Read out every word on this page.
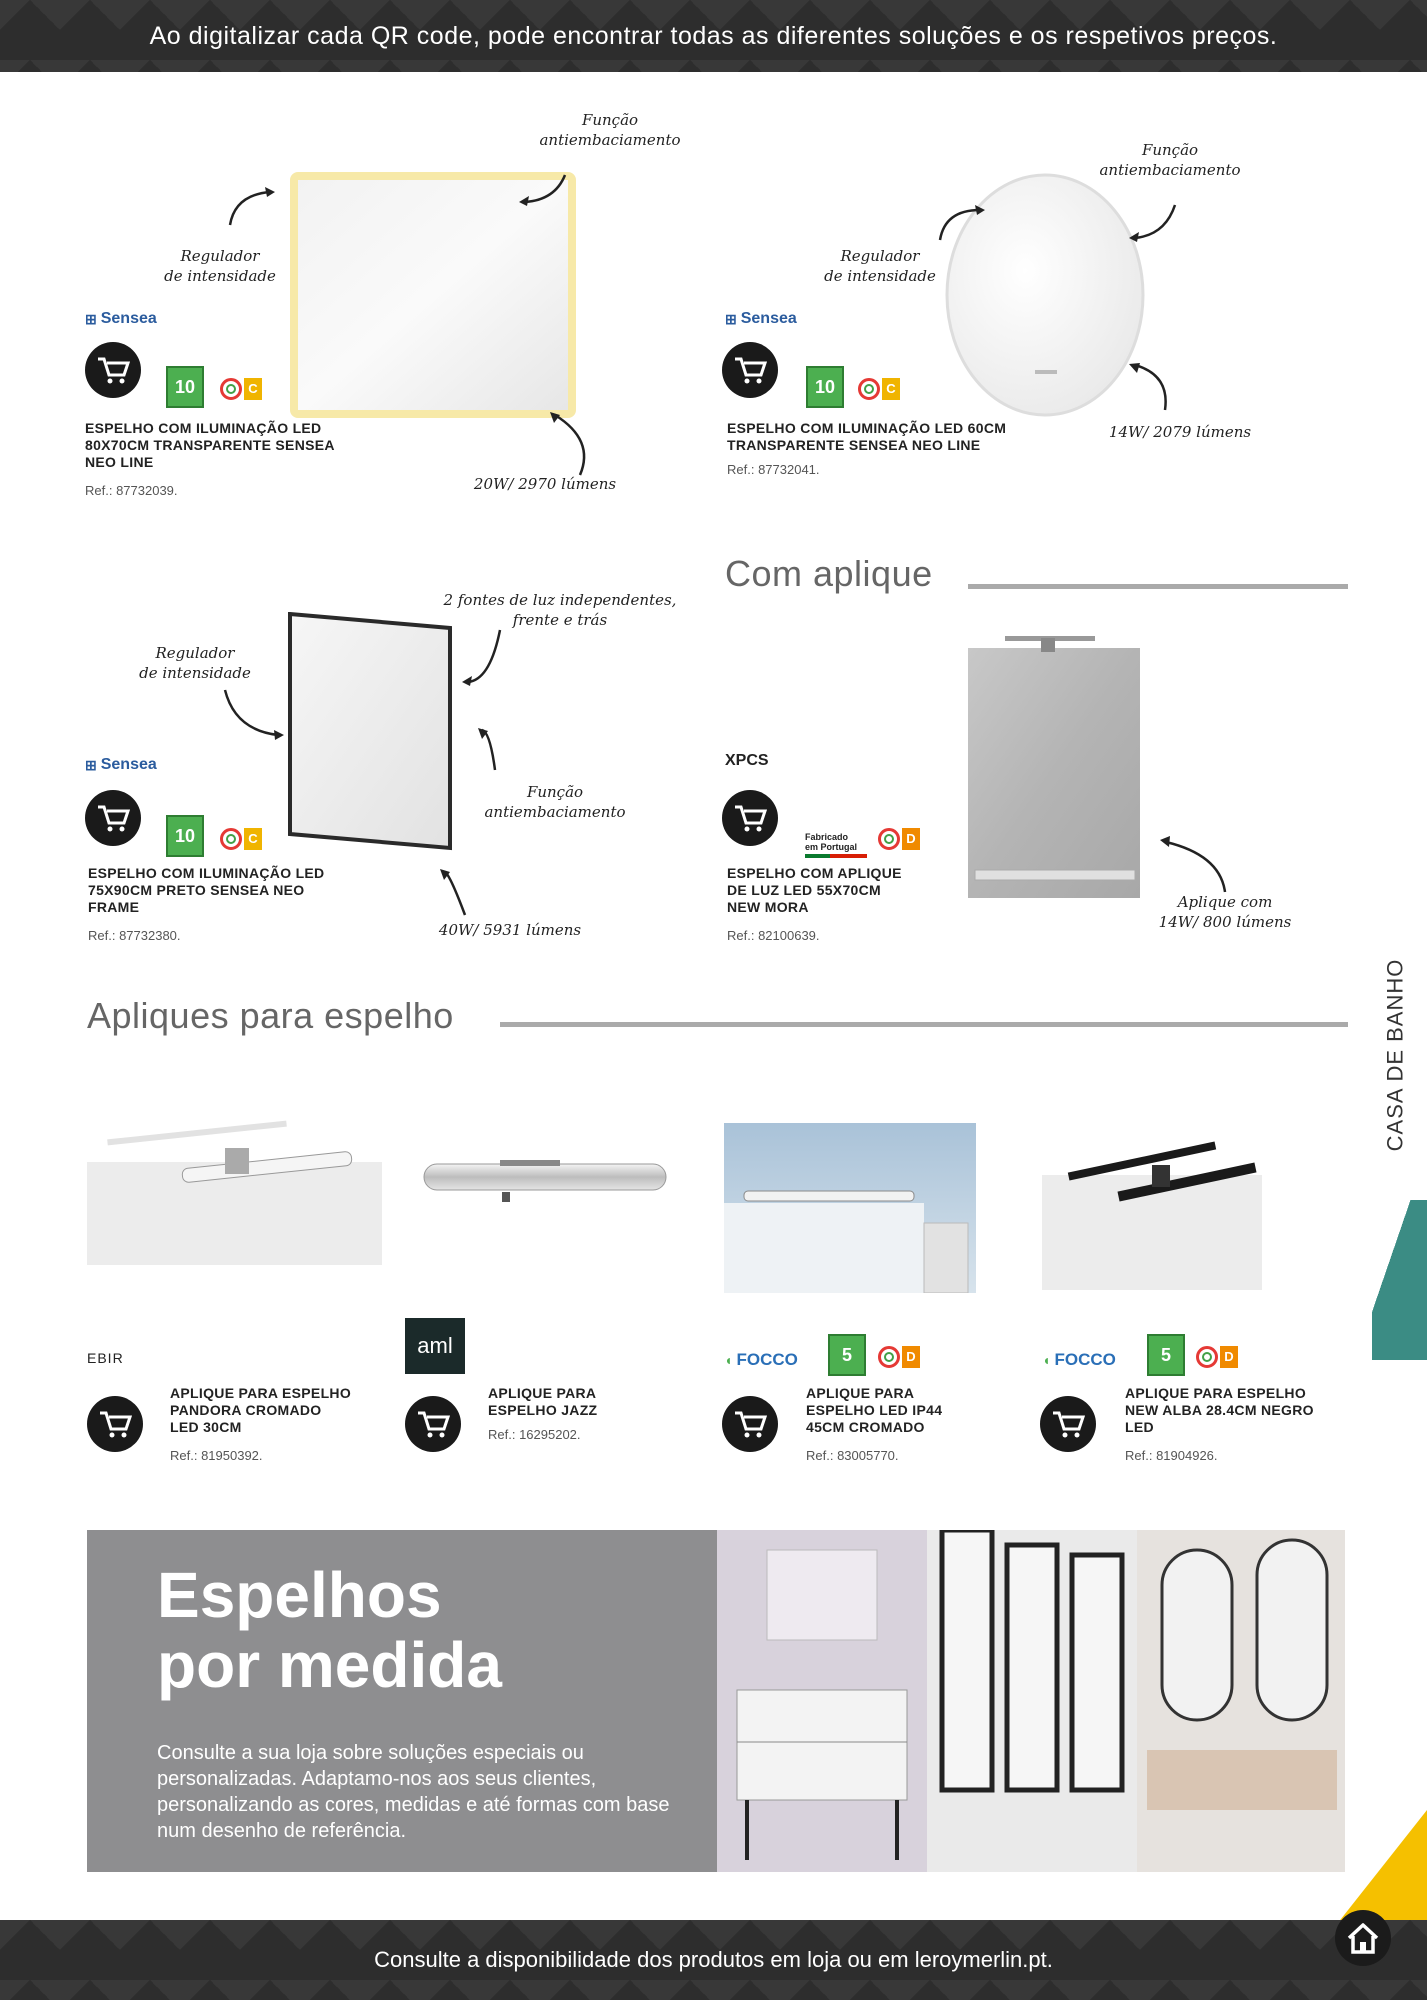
Ao digitalizar cada QR code, pode encontrar todas as diferentes soluções e os respetivos preços.
CASA DE BANHO
Função
antiembaciamento
Regulador
de intensidade
20W/ 2970 lúmens
⊞ Sensea
10	C
ESPELHO COM ILUMINAÇÃO LED
80X70CM TRANSPARENTE SENSEA
NEO LINE
Ref.: 87732039.
Função
antiembaciamento
Regulador
de intensidade
14W/ 2079 lúmens
⊞ Sensea
10	C
ESPELHO COM ILUMINAÇÃO LED 60CM
TRANSPARENTE SENSEA NEO LINE
Ref.: 87732041.
Com aplique
2 fontes de luz independentes,
frente e trás
Regulador
de intensidade
Função
antiembaciamento
40W/ 5931 lúmens
⊞ Sensea
10	C
ESPELHO COM ILUMINAÇÃO LED
75X90CM PRETO SENSEA NEO
FRAME
Ref.: 87732380.
Aplique com
14W/ 800 lúmens
XPCS

Fabricado
em Portugal

D
ESPELHO COM APLIQUE
DE LUZ LED 55X70CM
NEW MORA
Ref.: 82100639.
Apliques para espelho
EBIR
APLIQUE PARA ESPELHO
PANDORA CROMADO
LED 30CM
Ref.: 81950392.
aml
APLIQUE PARA
ESPELHO JAZZ
Ref.: 16295202.
◖ FOCCO	5	D
APLIQUE PARA
ESPELHO LED IP44
45CM CROMADO
Ref.: 83005770.
◖ FOCCO	5	D
APLIQUE PARA ESPELHO
NEW ALBA 28.4CM NEGRO
LED
Ref.: 81904926.
Espelhos
por medida
Consulte a sua loja sobre soluções especiais ou personalizadas. Adaptamo-nos aos seus clientes, personalizando as cores, medidas e até formas com base num desenho de referência.
Consulte a disponibilidade dos produtos em loja ou em leroymerlin.pt.
